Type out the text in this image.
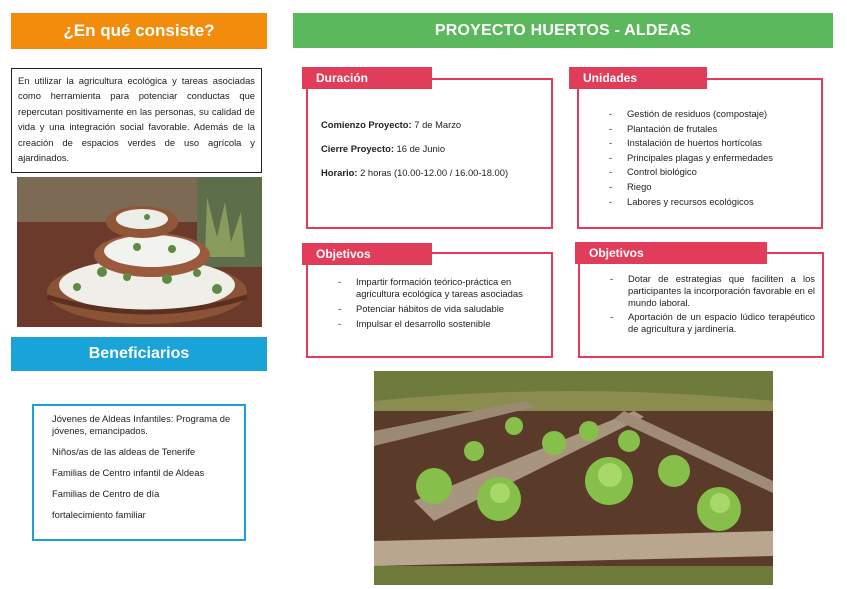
¿En qué consiste?
En utilizar la agricultura ecológica y tareas asociadas como herramienta para potenciar conductas que repercutan positivamente en las personas, su calidad de vida y una integración social favorable. Además de la creación de espacios verdes de uso agrícola y ajardinados.
Beneficiarios
Jóvenes de Aldeas Infantiles: Programa de jóvenes, emancipados.
Niños/as de las aldeas de Tenerife
Familias de Centro infantil de Aldeas
Familias de Centro de día
fortalecimiento familiar
PROYECTO HUERTOS - ALDEAS
Comienzo Proyecto: 7 de Marzo
Cierre Proyecto: 16 de Junio
Horario: 2 horas (10.00-12.00 / 16.00-18.00)
Duración
- Gestión de residuos (compostaje)
- Plantación de frutales
- Instalación de huertos hortícolas
- Principales plagas y enfermedades
- Control biológico
- Riego
- Labores y recursos ecológicos
Unidades
- Impartir formación teórico-práctica en agricultura ecológica y tareas asociadas
- Potenciar hábitos de vida saludable
- Impulsar el desarrollo sostenible
Objetivos
- Dotar de estrategias que faciliten a los participantes la incorporación favorable en el mundo laboral.
- Aportación de un espacio lúdico terapéutico de agricultura y jardinería.
Objetivos
